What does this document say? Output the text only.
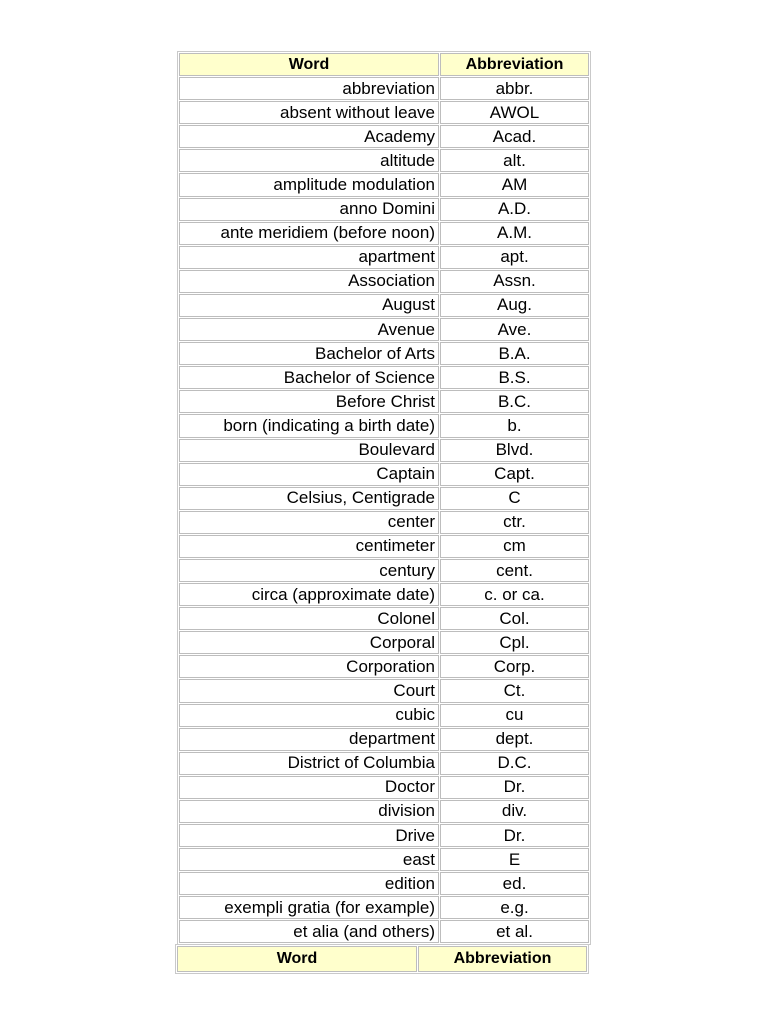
Word	Abbreviation
abbreviation	abbr.
absent without leave	AWOL
Academy	Acad.
altitude	alt.
amplitude modulation	AM
anno Domini	A.D.
ante meridiem (before noon)	A.M.
apartment	apt.
Association	Assn.
August	Aug.
Avenue	Ave.
Bachelor of Arts	B.A.
Bachelor of Science	B.S.
Before Christ	B.C.
born (indicating a birth date)	b.
Boulevard	Blvd.
Captain	Capt.
Celsius, Centigrade	C
center	ctr.
centimeter	cm
century	cent.
circa (approximate date)	c. or ca.
Colonel	Col.
Corporal	Cpl.
Corporation	Corp.
Court	Ct.
cubic	cu
department	dept.
District of Columbia	D.C.
Doctor	Dr.
division	div.
Drive	Dr.
east	E
edition	ed.
exempli gratia (for example)	e.g.
et alia (and others)	et al.
Word	Abbreviation
